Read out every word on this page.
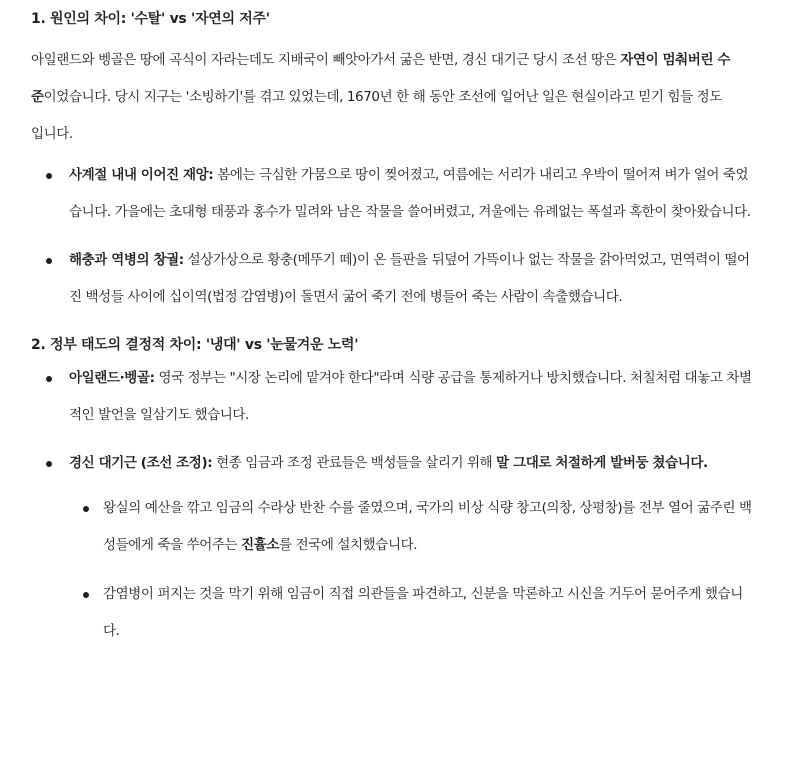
1. 원인의 차이: '수탈' vs '자연의 저주'

아일랜드와 벵골은 땅에 곡식이 자라는데도 지배국이 빼앗아가서 굶은 반면, 경신 대기근 당시 조선 땅은 자연이 멈춰버린 수준이었습니다. 당시 지구는 '소빙하기'를 겪고 있었는데, 1670년 한 해 동안 조선에 일어난 일은 현실이라고 믿기 힘들 정도입니다.

사계절 내내 이어진 재앙: 봄에는 극심한 가뭄으로 땅이 찢어졌고, 여름에는 서리가 내리고 우박이 떨어져 벼가 얼어 죽었습니다. 가을에는 초대형 태풍과 홍수가 밀려와 남은 작물을 쓸어버렸고, 겨울에는 유례없는 폭설과 혹한이 찾아왔습니다.
해충과 역병의 창궐: 설상가상으로 황충(메뚜기 떼)이 온 들판을 뒤덮어 가뜩이나 없는 작물을 갉아먹었고, 면역력이 떨어진 백성들 사이에 십이역(법정 감염병)이 돌면서 굶어 죽기 전에 병들어 죽는 사람이 속출했습니다.
2. 정부 태도의 결정적 차이: '냉대' vs '눈물겨운 노력'
아일랜드·벵골: 영국 정부는 "시장 논리에 맡겨야 한다"라며 식량 공급을 통제하거나 방치했습니다. 처칠처럼 대놓고 차별적인 발언을 일삼기도 했습니다.
경신 대기근 (조선 조정): 현종 임금과 조정 관료들은 백성들을 살리기 위해 말 그대로 처절하게 발버둥 쳤습니다.
왕실의 예산을 깎고 임금의 수라상 반찬 수를 줄였으며, 국가의 비상 식량 창고(의창, 상평창)를 전부 열어 굶주린 백성들에게 죽을 쑤어주는 진휼소를 전국에 설치했습니다.
감염병이 퍼지는 것을 막기 위해 임금이 직접 의관들을 파견하고, 신분을 막론하고 시신을 거두어 묻어주게 했습니다.
